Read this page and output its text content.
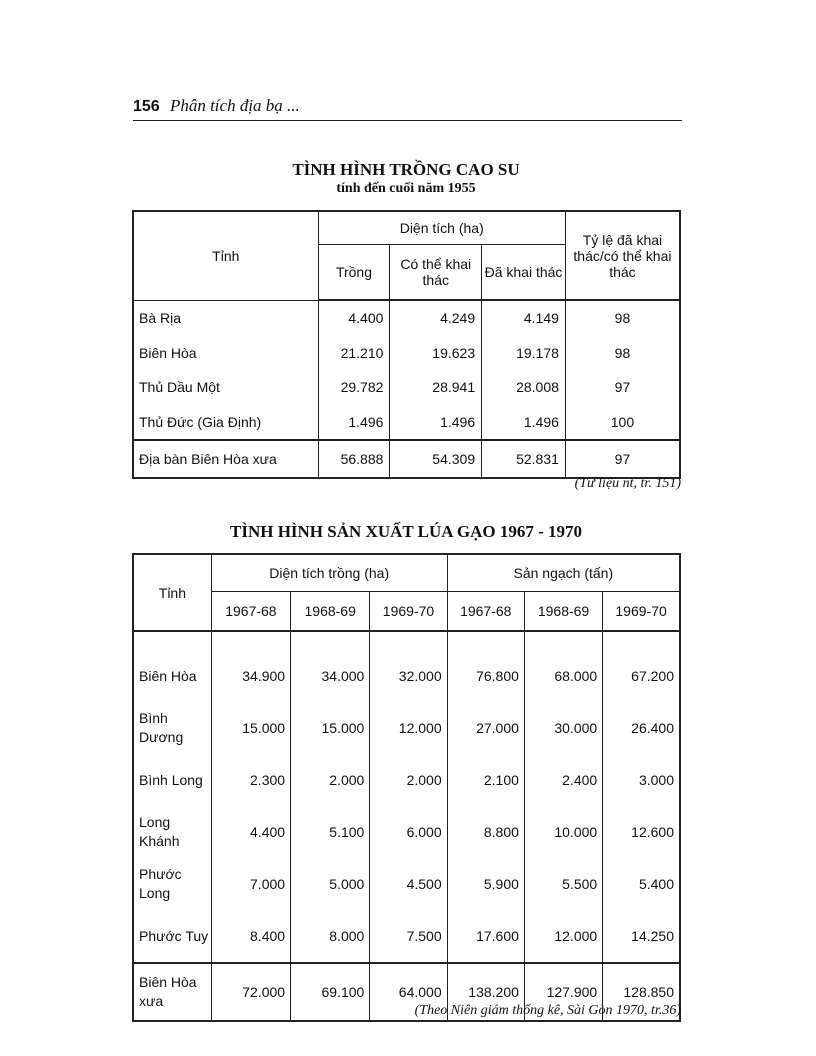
156 Phân tích địa bạ ...
TÌNH HÌNH TRỒNG CAO SU
tính đến cuối năm 1955
Tỉnh	Diện tích (ha)			Tỷ lệ đã khai thác/có thể khai thác
	Trồng	Có thể khai thác	Đã khai thác	
Bà Rịa	4.400	4.249	4.149	98
Biên Hòa	21.210	19.623	19.178	98
Thủ Dầu Một	29.782	28.941	28.008	97
Thủ Đức (Gia Định)	1.496	1.496	1.496	100
Địa bàn Biên Hòa xưa	56.888	54.309	52.831	97
(Tư liệu nt, tr. 151)
TÌNH HÌNH SẢN XUẤT LÚA GẠO 1967 - 1970
Tỉnh	Diện tích trồng (ha)			Sản ngạch (tấn)		
	1967-68	1968-69	1969-70	1967-68	1968-69	1969-70

Biên Hòa	34.900	34.000	32.000	76.800	68.000	67.200
Bình Dương	15.000	15.000	12.000	27.000	30.000	26.400
Bình Long	2.300	2.000	2.000	2.100	2.400	3.000
Long Khánh	4.400	5.100	6.000	8.800	10.000	12.600
Phước Long	7.000	5.000	4.500	5.900	5.500	5.400
Phước Tuy	8.400	8.000	7.500	17.600	12.000	14.250
Biên Hòa xưa	72.000	69.100	64.000	138.200	127.900	128.850
(Theo Niên giám thống kê, Sài Gòn 1970, tr.36)
